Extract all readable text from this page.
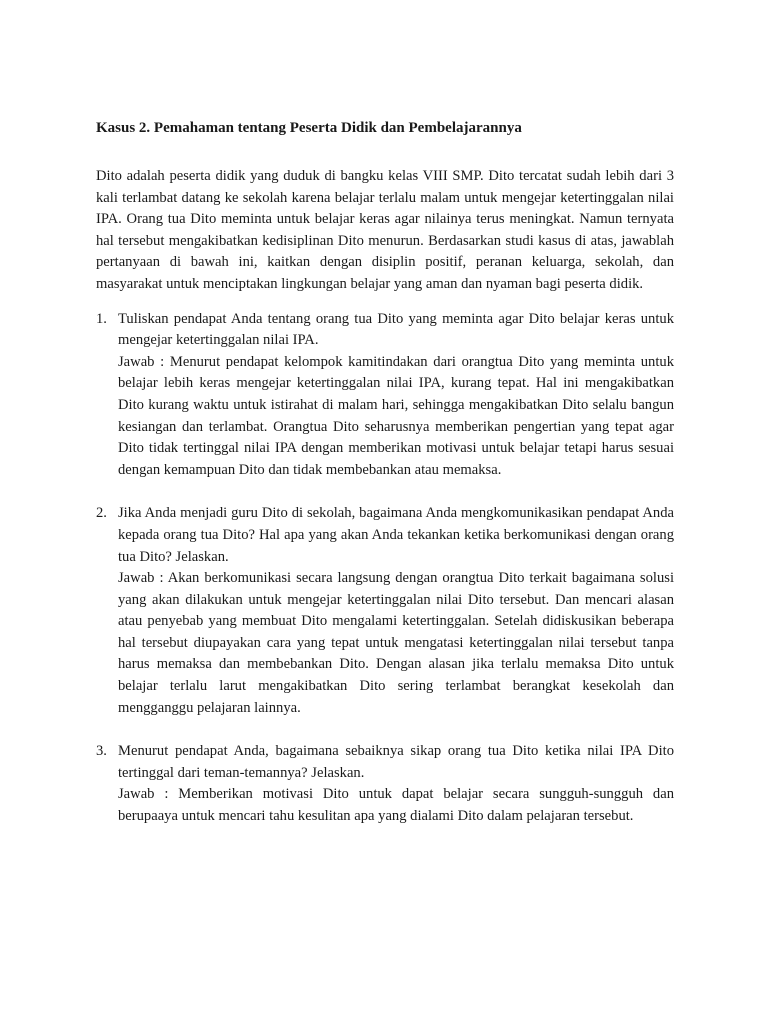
Kasus 2. Pemahaman tentang Peserta Didik dan Pembelajarannya

Dito adalah peserta didik yang duduk di bangku kelas VIII SMP. Dito tercatat sudah lebih dari 3 kali terlambat datang ke sekolah karena belajar terlalu malam untuk mengejar ketertinggalan nilai IPA. Orang tua Dito meminta untuk belajar keras agar nilainya terus meningkat. Namun ternyata hal tersebut mengakibatkan kedisiplinan Dito menurun. Berdasarkan studi kasus di atas, jawablah pertanyaan di bawah ini, kaitkan dengan disiplin positif, peranan keluarga, sekolah, dan masyarakat untuk menciptakan lingkungan belajar yang aman dan nyaman bagi peserta didik.

1. Tuliskan pendapat Anda tentang orang tua Dito yang meminta agar Dito belajar keras untuk mengejar ketertinggalan nilai IPA.
Jawab : Menurut pendapat kelompok kamitindakan dari orangtua Dito yang meminta untuk belajar lebih keras mengejar ketertinggalan nilai IPA, kurang tepat. Hal ini mengakibatkan Dito kurang waktu untuk istirahat di malam hari, sehingga mengakibatkan Dito selalu bangun kesiangan dan terlambat. Orangtua Dito seharusnya memberikan pengertian yang tepat agar Dito tidak tertinggal nilai IPA dengan memberikan motivasi untuk belajar tetapi harus sesuai dengan kemampuan Dito dan tidak membebankan atau memaksa.
2. Jika Anda menjadi guru Dito di sekolah, bagaimana Anda mengkomunikasikan pendapat Anda kepada orang tua Dito? Hal apa yang akan Anda tekankan ketika berkomunikasi dengan orang tua Dito? Jelaskan.
Jawab : Akan berkomunikasi secara langsung dengan orangtua Dito terkait bagaimana solusi yang akan dilakukan untuk mengejar ketertinggalan nilai Dito tersebut. Dan mencari alasan atau penyebab yang membuat Dito mengalami ketertinggalan. Setelah didiskusikan beberapa hal tersebut diupayakan cara yang tepat untuk mengatasi ketertinggalan nilai tersebut tanpa harus memaksa dan membebankan Dito. Dengan alasan jika terlalu memaksa Dito untuk belajar terlalu larut mengakibatkan Dito sering terlambat berangkat kesekolah dan mengganggu pelajaran lainnya.
3. Menurut pendapat Anda, bagaimana sebaiknya sikap orang tua Dito ketika nilai IPA Dito tertinggal dari teman-temannya? Jelaskan.
Jawab : Memberikan motivasi Dito untuk dapat belajar secara sungguh-sungguh dan berupaaya untuk mencari tahu kesulitan apa yang dialami Dito dalam pelajaran tersebut.
